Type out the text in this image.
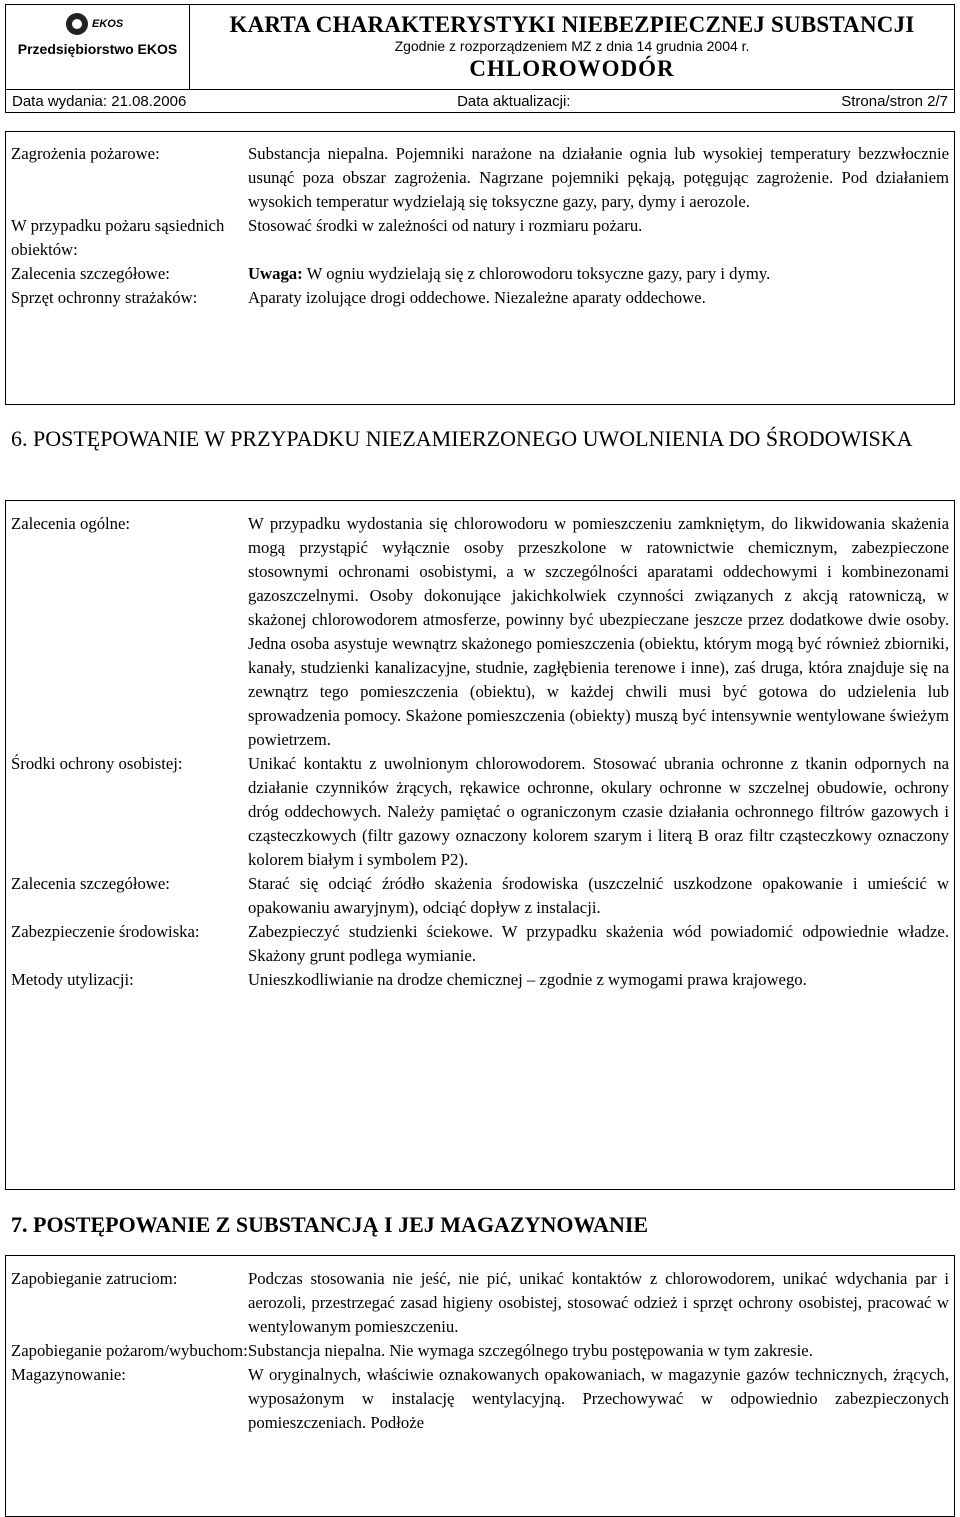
EKOS
Przedsiębiorstwo EKOS

KARTA CHARAKTERYSTYKI NIEBEZPIECZNEJ SUBSTANCJI
Zgodnie z rozporządzeniem MZ z dnia 14 grudnia 2004 r.
CHLOROWODÓR

Data wydania: 21.08.2006	Data aktualizacji:	Strona/stron 2/7
Zagrożenia pożarowe:	Substancja niepalna. Pojemniki narażone na działanie ognia lub wysokiej temperatury bezzwłocznie usunąć poza obszar zagrożenia. Nagrzane pojemniki pękają, potęgując zagrożenie. Pod działaniem wysokich temperatur wydzielają się toksyczne gazy, pary, dymy i aerozole.
W przypadku pożaru sąsiednich obiektów:
Stosować środki w zależności od natury i rozmiaru pożaru.
Zalecenia szczegółowe:	Uwaga: W ogniu wydzielają się z chlorowodoru toksyczne gazy, pary i dymy.
Sprzęt ochronny strażaków:	Aparaty izolujące drogi oddechowe. Niezależne aparaty oddechowe.
6. POSTĘPOWANIE W PRZYPADKU NIEZAMIERZONEGO UWOLNIENIA DO ŚRODOWISKA
Zalecenia ogólne:	W przypadku wydostania się chlorowodoru w pomieszczeniu zamkniętym, do likwidowania skażenia mogą przystąpić wyłącznie osoby przeszkolone w ratownictwie chemicznym, zabezpieczone stosownymi ochronami osobistymi, a w szczególności aparatami oddechowymi i kombinezonami gazoszczelnymi. Osoby dokonujące jakichkolwiek czynności związanych z akcją ratowniczą, w skażonej chlorowodorem atmosferze, powinny być ubezpieczane jeszcze przez dodatkowe dwie osoby. Jedna osoba asystuje wewnątrz skażonego pomieszczenia (obiektu, którym mogą być również zbiorniki, kanały, studzienki kanalizacyjne, studnie, zagłębienia terenowe i inne), zaś druga, która znajduje się na zewnątrz tego pomieszczenia (obiektu), w każdej chwili musi być gotowa do udzielenia lub sprowadzenia pomocy. Skażone pomieszczenia (obiekty) muszą być intensywnie wentylowane świeżym powietrzem.
Środki ochrony osobistej:	Unikać kontaktu z uwolnionym chlorowodorem. Stosować ubrania ochronne z tkanin odpornych na działanie czynników żrących, rękawice ochronne, okulary ochronne w szczelnej obudowie, ochrony dróg oddechowych. Należy pamiętać o ograniczonym czasie działania ochronnego filtrów gazowych i cząsteczkowych (filtr gazowy oznaczony kolorem szarym i literą B oraz filtr cząsteczkowy oznaczony kolorem białym i symbolem P2).
Zalecenia szczegółowe:	Starać się odciąć źródło skażenia środowiska (uszczelnić uszkodzone opakowanie i umieścić w opakowaniu awaryjnym), odciąć dopływ z instalacji.
Zabezpieczenie środowiska:	Zabezpieczyć studzienki ściekowe. W przypadku skażenia wód powiadomić odpowiednie władze. Skażony grunt podlega wymianie.
Metody utylizacji:	Unieszkodliwianie na drodze chemicznej – zgodnie z wymogami prawa krajowego.
7. POSTĘPOWANIE Z SUBSTANCJĄ I JEJ MAGAZYNOWANIE
Zapobieganie zatruciom:	Podczas stosowania nie jeść, nie pić, unikać kontaktów z chlorowodorem, unikać wdychania par i aerozoli, przestrzegać zasad higieny osobistej, stosować odzież i sprzęt ochrony osobistej, pracować w wentylowanym pomieszczeniu.
Zapobieganie pożarom/wybuchom: Substancja niepalna. Nie wymaga szczególnego trybu postępowania w tym zakresie.
Magazynowanie:	W oryginalnych, właściwie oznakowanych opakowaniach, w magazynie gazów technicznych, żrących, wyposażonym w instalację wentylacyjną. Przechowywać w odpowiednio zabezpieczonych pomieszczeniach. Podłoże
